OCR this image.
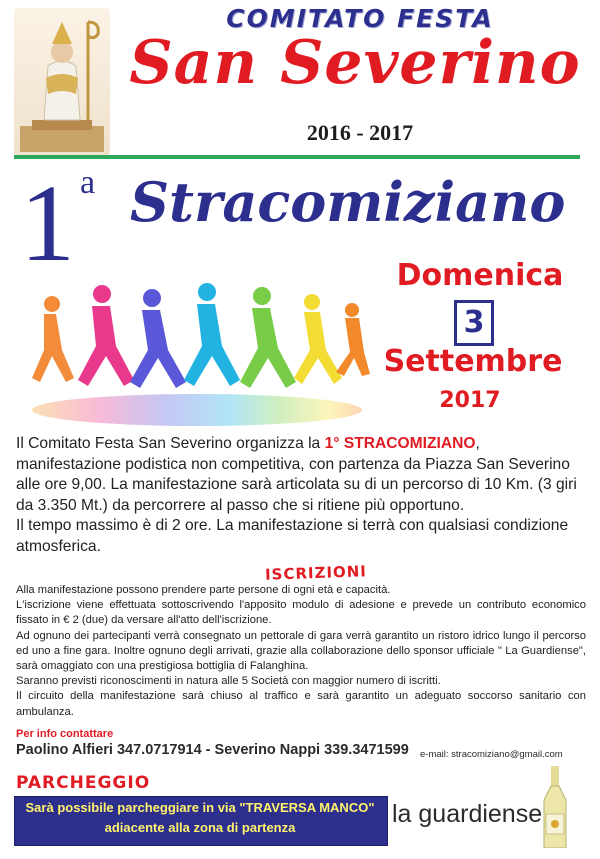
COMITATO FESTA
San Severino
2016 - 2017
1 a Stracomiziano
Domenica
3
Settembre
2017
Il Comitato Festa San Severino organizza la 1° STRACOMIZIANO, manifestazione podistica non competitiva, con partenza da Piazza San Severino alle ore 9,00. La manifestazione sarà articolata su di un percorso di 10 Km. (3 giri da 3.350 Mt.) da percorrere al passo che si ritiene più opportuno.
Il tempo massimo è di 2 ore. La manifestazione si terrà con qualsiasi condizione atmosferica.
ISCRIZIONI

Alla manifestazione possono prendere parte persone di ogni età e capacità.

L'iscrizione viene effettuata sottoscrivendo l'apposito modulo di adesione e prevede un contributo economico fissato in € 2 (due) da versare all'atto dell'iscrizione.

Ad ognuno dei partecipanti verrà consegnato un pettorale di gara verrà garantito un ristoro idrico lungo il percorso ed uno a fine gara. Inoltre ognuno degli arrivati, grazie alla collaborazione dello sponsor ufficiale " La Guardiense", sarà omaggiato con una prestigiosa bottiglia di Falanghina.

Saranno previsti riconoscimenti in natura alle 5 Società con maggior numero di iscritti.

Il circuito della manifestazione sarà chiuso al traffico e sarà garantito un adeguato soccorso sanitario con ambulanza.

Per info contattare
Paolino Alfieri 347.0717914 - Severino Nappi 339.3471599 e-mail: stracomiziano@gmail.com
PARCHEGGIO
Sarà possibile parcheggiare in via "TRAVERSA MANCO"
adiacente alla zona di partenza	la guardiense
